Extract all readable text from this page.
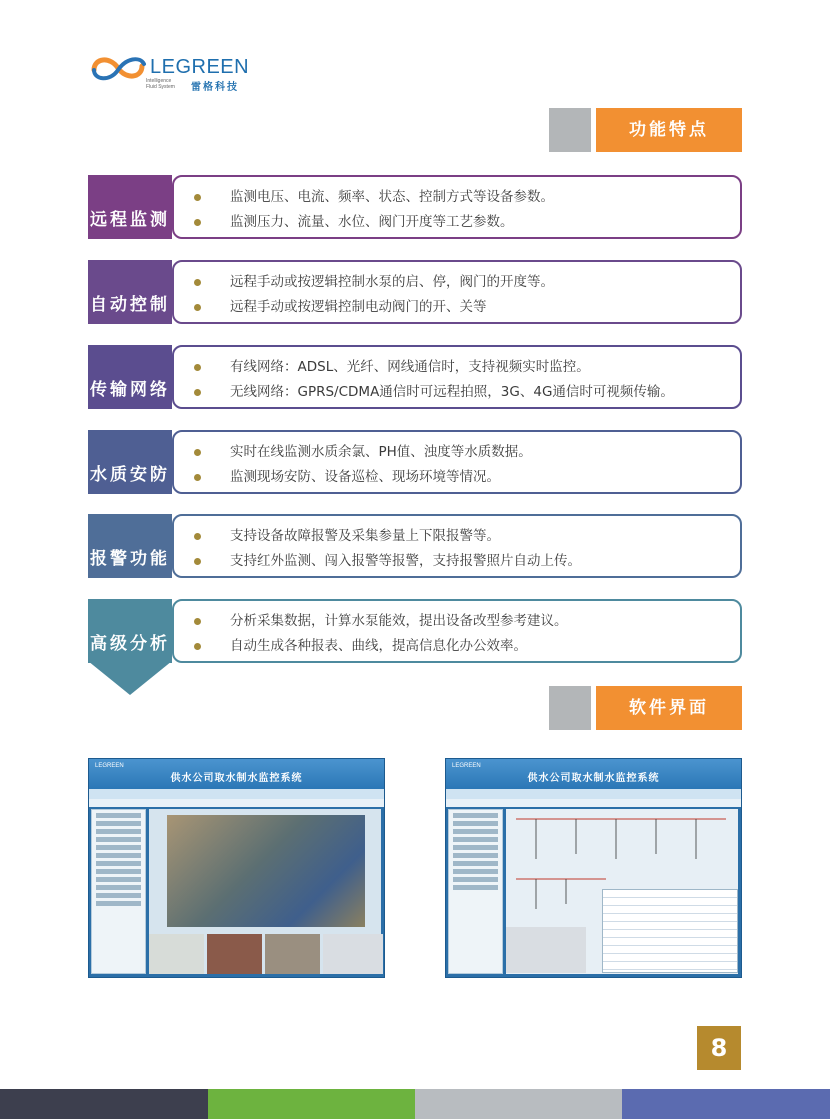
LEGREEN
Intelligence
Fluid System 雷格科技
功能特点
远程监测
监测电压、电流、频率、状态、控制方式等设备参数。
监测压力、流量、水位、阀门开度等工艺参数。
自动控制
远程手动或按逻辑控制水泵的启、停，阀门的开度等。
远程手动或按逻辑控制电动阀门的开、关等
传输网络
有线网络：ADSL、光纤、网线通信时，支持视频实时监控。
无线网络：GPRS/CDMA通信时可远程拍照，3G、4G通信时可视频传输。
水质安防
实时在线监测水质余氯、PH值、浊度等水质数据。
监测现场安防、设备巡检、现场环境等情况。
报警功能
支持设备故障报警及采集参量上下限报警等。
支持红外监测、闯入报警等报警，支持报警照片自动上传。
高级分析
分析采集数据，计算水泵能效，提出设备改型参考建议。
自动生成各种报表、曲线，提高信息化办公效率。
软件界面
LEGREEN
供水公司取水制水监控系统
LEGREEN
供水公司取水制水监控系统
8
